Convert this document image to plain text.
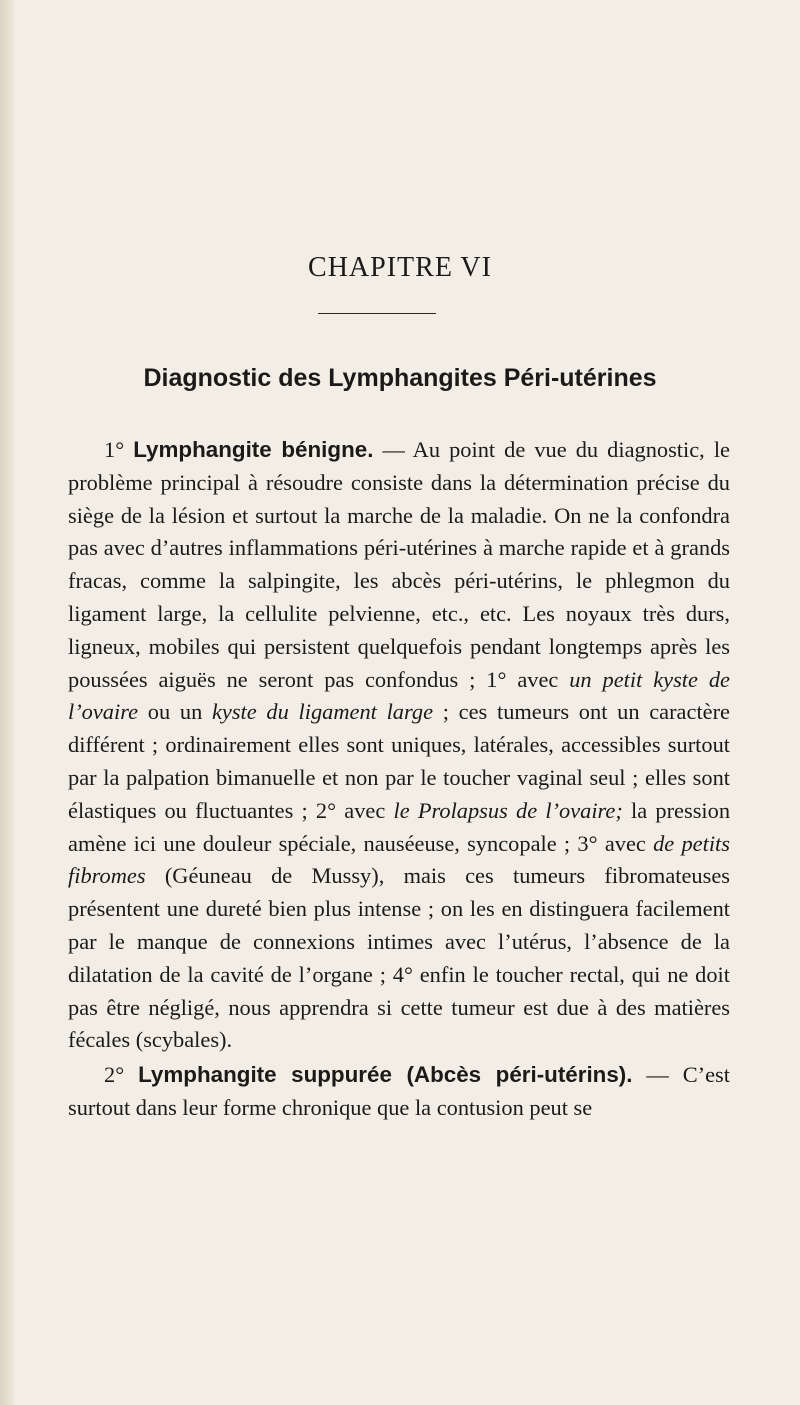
CHAPITRE VI
Diagnostic des Lymphangites Péri-utérines

1° Lymphangite bénigne. — Au point de vue du diagnostic, le problème principal à résoudre consiste dans la détermination précise du siège de la lésion et surtout la marche de la maladie. On ne la confondra pas avec d’autres inflammations péri-utérines à marche rapide et à grands fracas, comme la salpingite, les abcès péri-utérins, le phlegmon du ligament large, la cellulite pelvienne, etc., etc. Les noyaux très durs, ligneux, mobiles qui persistent quelquefois pendant longtemps après les poussées aiguës ne seront pas confondus ; 1° avec un petit kyste de l’ovaire ou un kyste du ligament large ; ces tumeurs ont un caractère différent ; ordinairement elles sont uniques, latérales, accessibles surtout par la palpation bimanuelle et non par le toucher vaginal seul ; elles sont élastiques ou fluctuantes ; 2° avec le Prolapsus de l’ovaire; la pression amène ici une douleur spéciale, nauséeuse, syncopale ; 3° avec de petits fibromes (Géuneau de Mussy), mais ces tumeurs fibromateuses présentent une dureté bien plus intense ; on les en distinguera facilement par le manque de connexions intimes avec l’utérus, l’absence de la dilatation de la cavité de l’organe ; 4° enfin le toucher rectal, qui ne doit pas être négligé, nous apprendra si cette tumeur est due à des matières fécales (scybales).

2° Lymphangite suppurée (Abcès péri-utérins). — C’est surtout dans leur forme chronique que la contusion peut se
